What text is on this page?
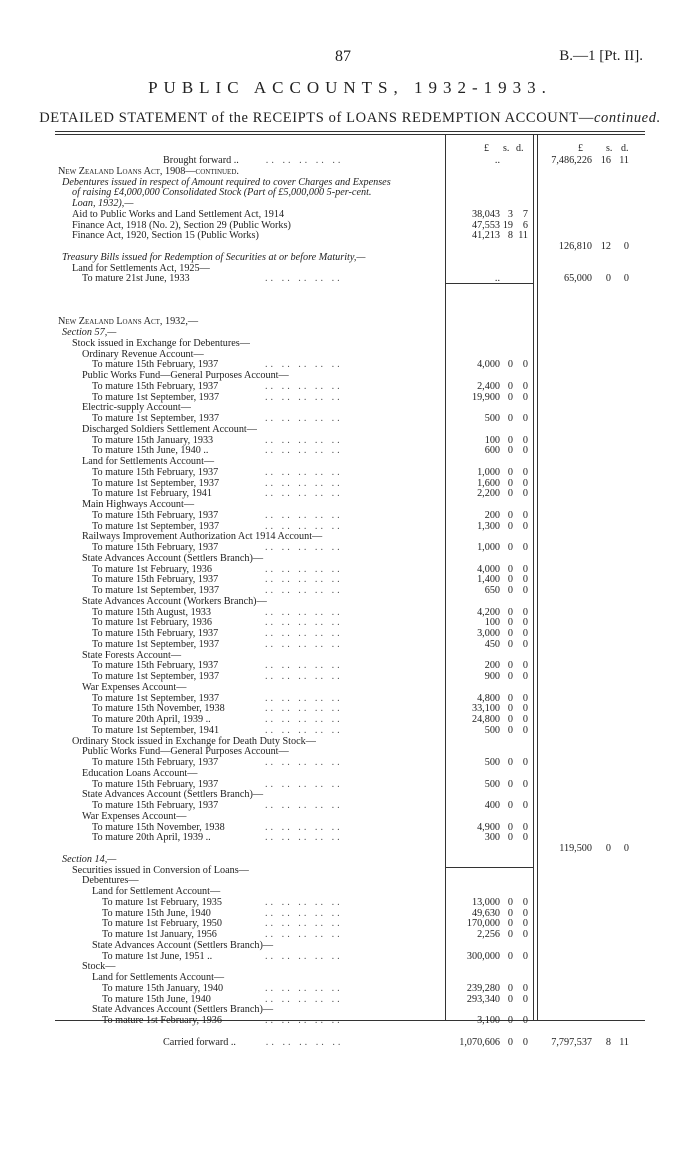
87	B.—1 [Pt. II].
PUBLIC ACCOUNTS, 1932-1933.
DETAILED STATEMENT of the RECEIPTS of LOANS REDEMPTION ACCOUNT—continued.
£ s. d.	£ s. d.
Brought forward ..	.. .. .. .. ..	..	7,486,226 16 11
New Zealand Loans Act, 1908—continued.
Debentures issued in respect of Amount required to cover Charges and Expenses
of raising £4,000,000 Consolidated Stock (Part of £5,000,000 5-per-cent.
Loan, 1932),—
Aid to Public Works and Land Settlement Act, 1914	38,043 3 7
Finance Act, 1918 (No. 2), Section 29 (Public Works)	47,553 19 6
Finance Act, 1920, Section 15 (Public Works)	41,213 8 11
126,810 12	0
Treasury Bills issued for Redemption of Securities at or before Maturity,—
Land for Settlements Act, 1925—
To mature 21st June, 1933	.. .. .. .. ..	..	65,000	0	0
New Zealand Loans Act, 1932,—
Section 57,—
Stock issued in Exchange for Debentures—
Ordinary Revenue Account—
To mature 15th February, 1937	.. .. .. .. ..	4,000 0 0
Public Works Fund—General Purposes Account—
To mature 15th February, 1937	.. .. .. .. ..	2,400 0 0
To mature 1st September, 1937	.. .. .. .. ..	19,900 0 0
Electric-supply Account—
To mature 1st September, 1937	.. .. .. .. ..	500 0 0
Discharged Soldiers Settlement Account—
To mature 15th January, 1933	.. .. .. .. ..	100 0 0
To mature 15th June, 1940 ..	.. .. .. .. ..	600 0 0
Land for Settlements Account—
To mature 15th February, 1937	.. .. .. .. ..	1,000 0 0
To mature 1st September, 1937	.. .. .. .. ..	1,600 0 0
To mature 1st February, 1941	.. .. .. .. ..	2,200 0 0
Main Highways Account—
To mature 15th February, 1937	.. .. .. .. ..	200 0 0
To mature 1st September, 1937	.. .. .. .. ..	1,300 0 0
Railways Improvement Authorization Act 1914 Account—
To mature 15th February, 1937	.. .. .. .. ..	1,000 0 0
State Advances Account (Settlers Branch)—
To mature 1st February, 1936	.. .. .. .. ..	4,000 0 0
To mature 15th February, 1937	.. .. .. .. ..	1,400 0 0
To mature 1st September, 1937	.. .. .. .. ..	650 0 0
State Advances Account (Workers Branch)—
To mature 15th August, 1933	.. .. .. .. ..	4,200 0 0
To mature 1st February, 1936	.. .. .. .. ..	100 0 0
To mature 15th February, 1937	.. .. .. .. ..	3,000 0 0
To mature 1st September, 1937	.. .. .. .. ..	450 0 0
State Forests Account—
To mature 15th February, 1937	.. .. .. .. ..	200 0 0
To mature 1st September, 1937	.. .. .. .. ..	900 0 0
War Expenses Account—
To mature 1st September, 1937	.. .. .. .. ..	4,800 0 0
To mature 15th November, 1938	.. .. .. .. ..	33,100 0 0
To mature 20th April, 1939 ..	.. .. .. .. ..	24,800 0 0
To mature 1st September, 1941	.. .. .. .. ..	500 0 0
Ordinary Stock issued in Exchange for Death Duty Stock—
Public Works Fund—General Purposes Account—
To mature 15th February, 1937	.. .. .. .. ..	500 0 0
Education Loans Account—
To mature 15th February, 1937	.. .. .. .. ..	500 0 0
State Advances Account (Settlers Branch)—
To mature 15th February, 1937	.. .. .. .. ..	400 0 0
War Expenses Account—
To mature 15th November, 1938	.. .. .. .. ..	4,900 0 0
To mature 20th April, 1939 ..	.. .. .. .. ..	300 0 0
119,500	0	0
Section 14,—
Securities issued in Conversion of Loans—
Debentures—
Land for Settlement Account—
To mature 1st February, 1935	.. .. .. .. ..	13,000 0 0
To mature 15th June, 1940	.. .. .. .. ..	49,630 0 0
To mature 1st February, 1950	.. .. .. .. ..	170,000 0 0
To mature 1st January, 1956	.. .. .. .. ..	2,256 0 0
State Advances Account (Settlers Branch)—
To mature 1st June, 1951 ..	.. .. .. .. ..	300,000 0 0
Stock—
Land for Settlements Account—
To mature 15th January, 1940	.. .. .. .. ..	239,280 0 0
To mature 15th June, 1940	.. .. .. .. ..	293,340 0 0
State Advances Account (Settlers Branch)—
To mature 1st February, 1936	.. .. .. .. ..	3,100 0 0
Carried forward ..	.. .. .. .. ..	1,070,606 0 0	7,797,537	8 11
